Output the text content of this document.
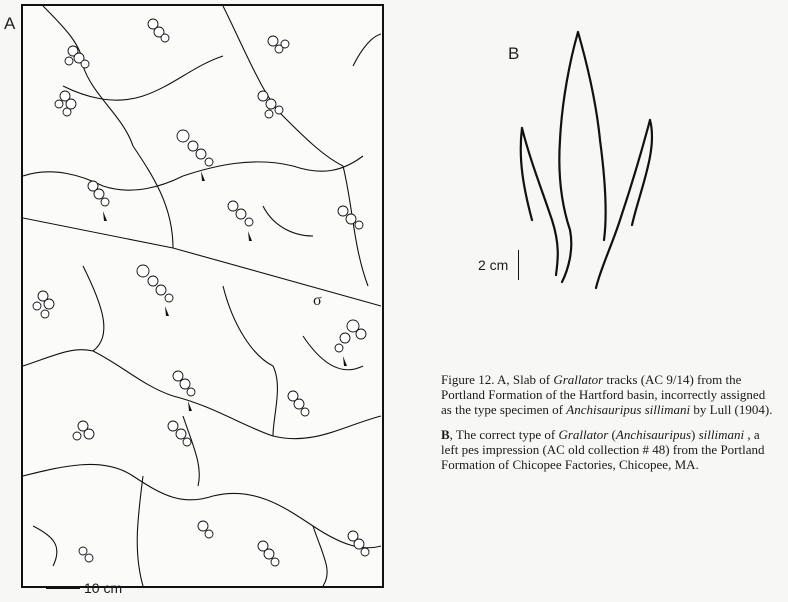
A
σ
10 cm
B
2 cm

Figure 12. A, Slab of Grallator tracks (AC 9/14) from the Portland Formation of the Hartford basin, incorrectly assigned as the type specimen of Anchisauripus sillimani by Lull (1904).

B, The correct type of Grallator (Anchisauripus) sillimani , a left pes impression (AC old collection # 48) from the Portland Formation of Chicopee Factories, Chicopee, MA.
